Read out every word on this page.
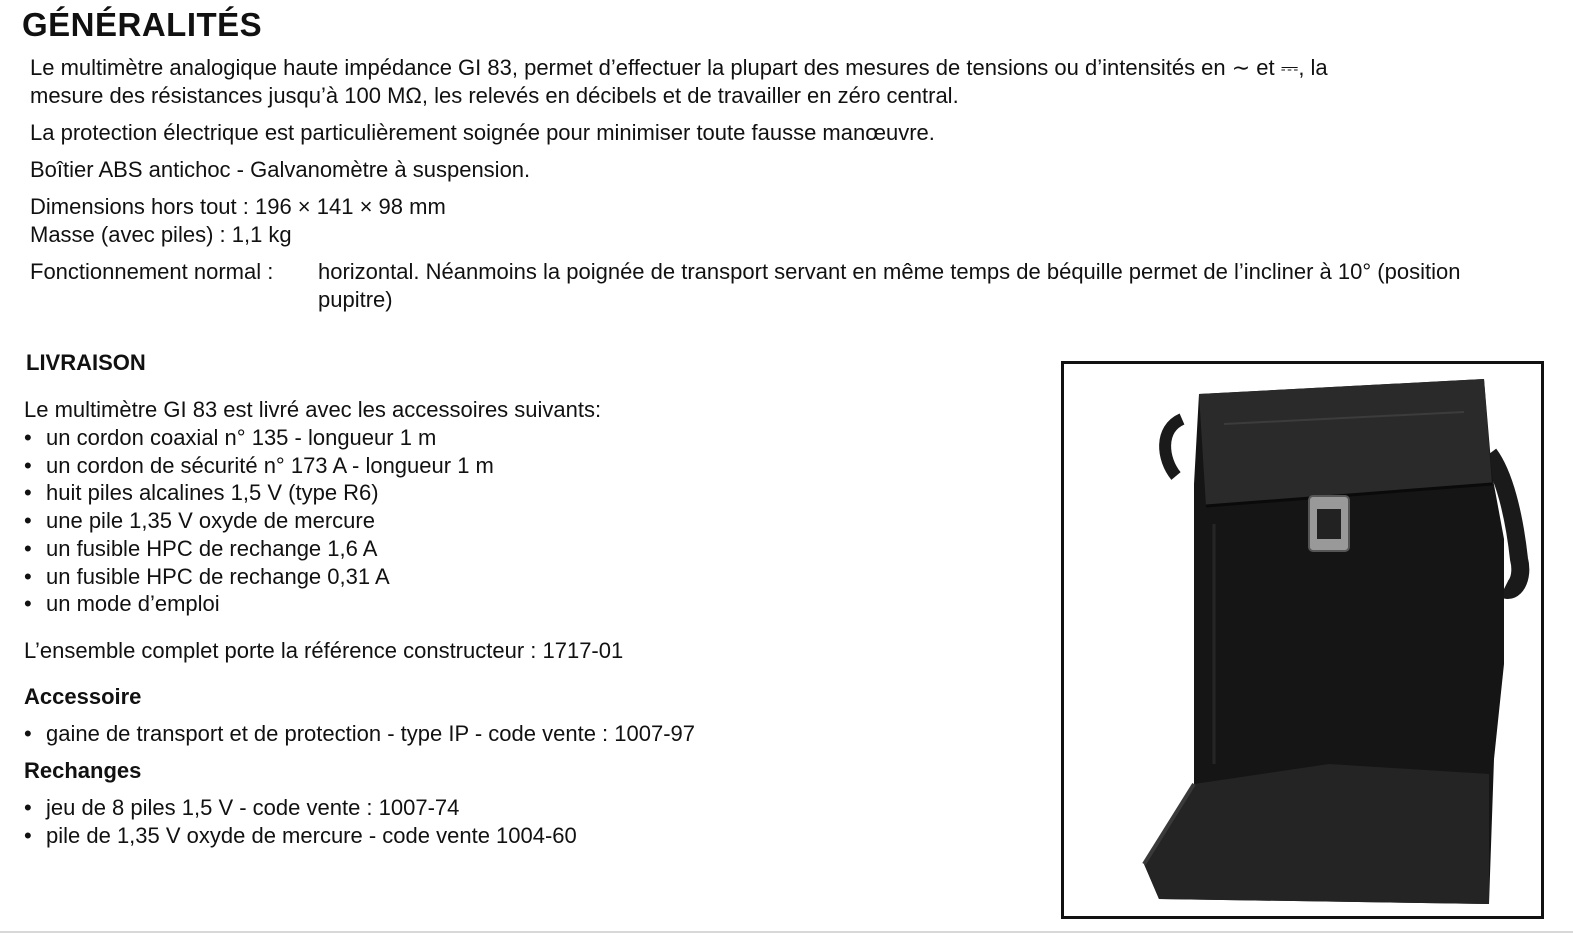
GÉNÉRALITÉS
Le multimètre analogique haute impédance GI 83, permet d’effectuer la plupart des mesures de tensions ou d’intensités en ∼ et ⎓, la
mesure des résistances jusqu’à 100 MΩ, les relevés en décibels et de travailler en zéro central.
La protection électrique est particulièrement soignée pour minimiser toute fausse manœuvre.
Boîtier ABS antichoc - Galvanomètre à suspension.
Dimensions hors tout : 196 × 141 × 98 mm
Masse (avec piles) : 1,1 kg
Fonctionnement normal : horizontal. Néanmoins la poignée de transport servant en même temps de béquille permet de l’incliner à 10° (position pupitre)
LIVRAISON
Le multimètre GI 83 est livré avec les accessoires suivants:
• un cordon coaxial n° 135 - longueur 1 m
• un cordon de sécurité n° 173 A - longueur 1 m
• huit piles alcalines 1,5 V (type R6)
• une pile 1,35 V oxyde de mercure
• un fusible HPC de rechange 1,6 A
• un fusible HPC de rechange 0,31 A
• un mode d’emploi
L’ensemble complet porte la référence constructeur : 1717-01
Accessoire
• gaine de transport et de protection - type IP - code vente : 1007-97
Rechanges
• jeu de 8 piles 1,5 V - code vente : 1007-74
• pile de 1,35 V oxyde de mercure - code vente 1004-60
